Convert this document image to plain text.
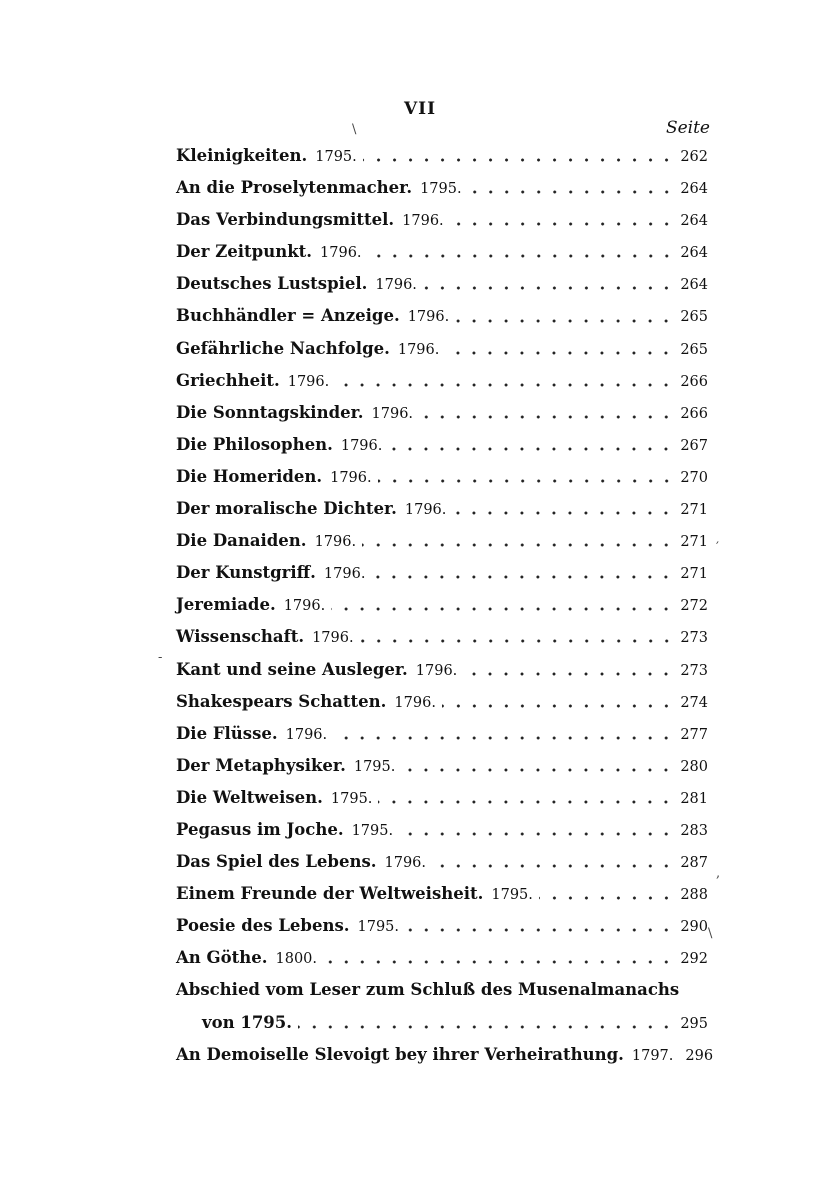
VII
Seite
\
Kleinigkeiten. 1795.	262
An die Proselytenmacher. 1795.	264
Das Verbindungsmittel. 1796.	264
Der Zeitpunkt. 1796.	264
Deutsches Lustspiel. 1796.	264
Buchhändler = Anzeige. 1796.	265
Gefährliche Nachfolge. 1796.	265
Griechheit. 1796.	266
Die Sonntagskinder. 1796.	266
Die Philosophen. 1796.	267
Die Homeriden. 1796.	270
Der moralische Dichter. 1796.	271
Die Danaiden. 1796.	271
Der Kunstgriff. 1796.	271
Jeremiade. 1796.	272
Wissenschaft. 1796.	273
Kant und seine Ausleger. 1796.	273
Shakespears Schatten. 1796.	274
Die Flüsse. 1796.	277
Der Metaphysiker. 1795.	280
Die Weltweisen. 1795.	281
Pegasus im Joche. 1795.	283
Das Spiel des Lebens. 1796.	287
Einem Freunde der Weltweisheit. 1795.	288
Poesie des Lebens. 1795.	290
An Göthe. 1800.	292
Abschied vom Leser zum Schluß des Musenalmanachs
von 1795.	295
An Demoiselle Slevoigt bey ihrer Verheirathung. 1797. 296
′
-
,
\
